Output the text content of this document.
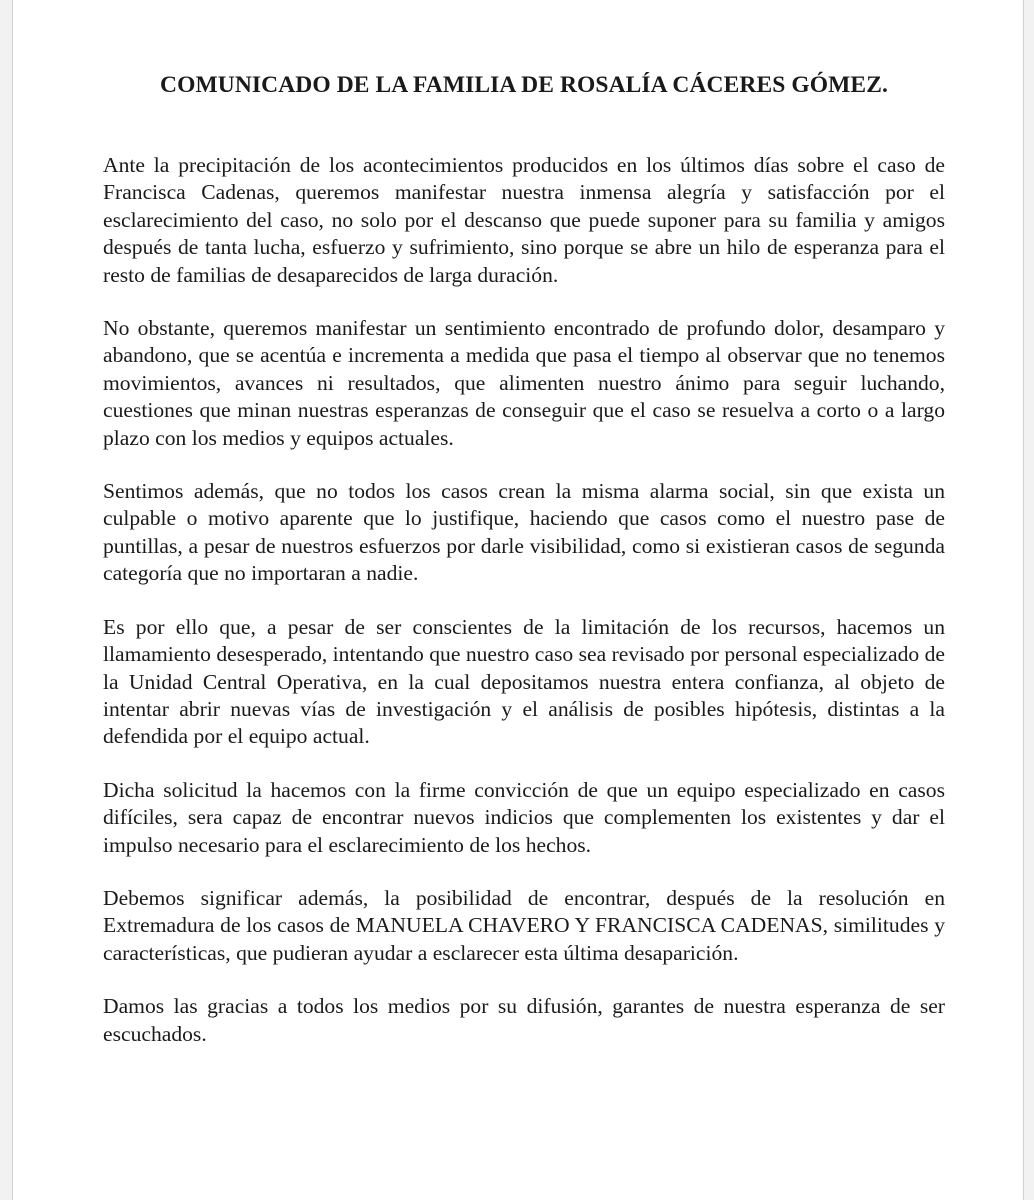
COMUNICADO DE LA FAMILIA DE ROSALÍA CÁCERES GÓMEZ.

Ante la precipitación de los acontecimientos producidos en los últimos días sobre el caso de Francisca Cadenas, queremos manifestar nuestra inmensa alegría y satisfacción por el esclarecimiento del caso, no solo por el descanso que puede suponer para su familia y amigos después de tanta lucha, esfuerzo y sufrimiento, sino porque se abre un hilo de esperanza para el resto de familias de desaparecidos de larga duración.

No obstante, queremos manifestar un sentimiento encontrado de profundo dolor, desamparo y abandono, que se acentúa e incrementa a medida que pasa el tiempo al observar que no tenemos movimientos, avances ni resultados, que alimenten nuestro ánimo para seguir luchando, cuestiones que minan nuestras esperanzas de conseguir que el caso se resuelva a corto o a largo plazo con los medios y equipos actuales.

Sentimos además, que no todos los casos crean la misma alarma social, sin que exista un culpable o motivo aparente que lo justifique, haciendo que casos como el nuestro pase de puntillas, a pesar de nuestros esfuerzos por darle visibilidad, como si existieran casos de segunda categoría que no importaran a nadie.

Es por ello que, a pesar de ser conscientes de la limitación de los recursos, hacemos un llamamiento desesperado, intentando que nuestro caso sea revisado por personal especializado de la Unidad Central Operativa, en la cual depositamos nuestra entera confianza, al objeto de intentar abrir nuevas vías de investigación y el análisis de posibles hipótesis, distintas a la defendida por el equipo actual.

Dicha solicitud la hacemos con la firme convicción de que un equipo especializado en casos difíciles, sera capaz de encontrar nuevos indicios que complementen los existentes y dar el impulso necesario para el esclarecimiento de los hechos.

Debemos significar además, la posibilidad de encontrar, después de la resolución en Extremadura de los casos de MANUELA CHAVERO Y FRANCISCA CADENAS, similitudes y características, que pudieran ayudar a esclarecer esta última desaparición.

Damos las gracias a todos los medios por su difusión, garantes de nuestra esperanza de ser escuchados.
